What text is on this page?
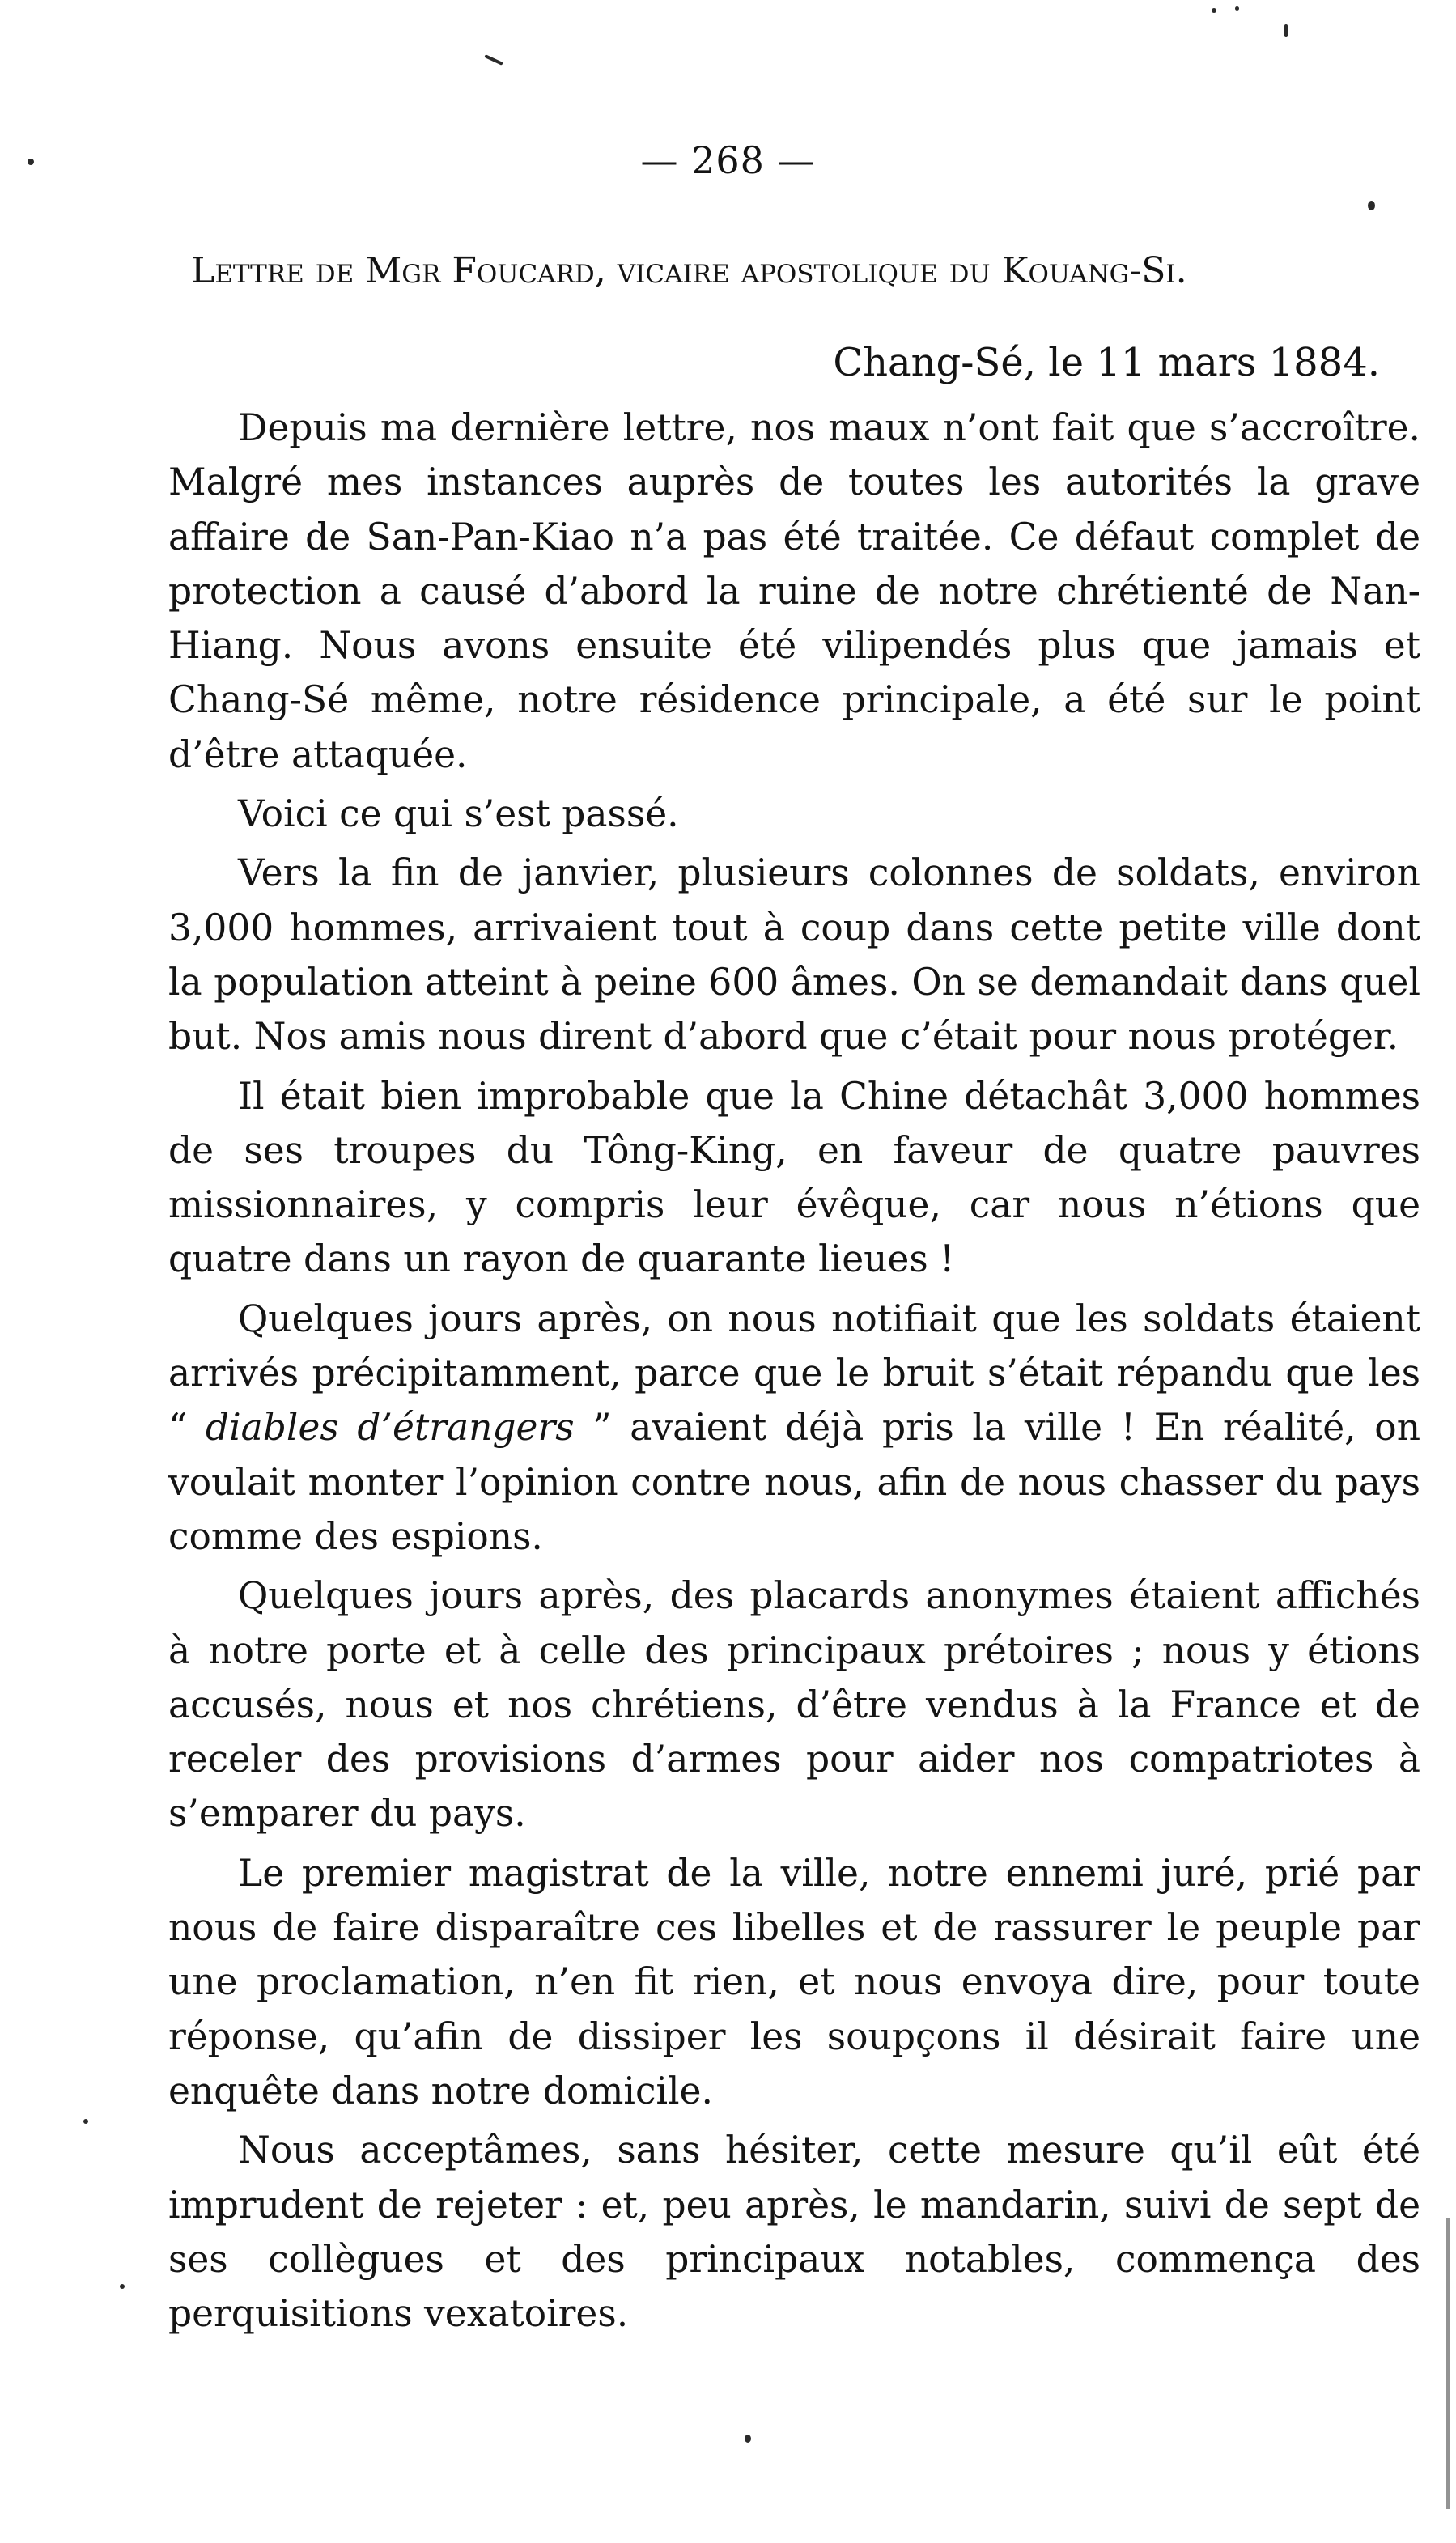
— 268 —
Lettre de Mgr Foucard, vicaire apostolique du Kouang-Si.
Chang-Sé, le 11 mars 1884.

Depuis ma dernière lettre, nos maux n’ont fait que s’accroître. Malgré mes instances auprès de toutes les autorités la grave affaire de San-Pan-Kiao n’a pas été traitée. Ce défaut complet de protection a causé d’abord la ruine de notre chrétienté de Nan-Hiang. Nous avons ensuite été vilipendés plus que jamais et Chang-Sé même, notre résidence principale, a été sur le point d’être attaquée.

Voici ce qui s’est passé.

Vers la fin de janvier, plusieurs colonnes de soldats, environ 3,000 hommes, arrivaient tout à coup dans cette petite ville dont la population atteint à peine 600 âmes. On se demandait dans quel but. Nos amis nous dirent d’abord que c’était pour nous protéger.

Il était bien improbable que la Chine détachât 3,000 hommes de ses troupes du Tông-King, en faveur de quatre pauvres missionnaires, y compris leur évêque, car nous n’étions que quatre dans un rayon de quarante lieues !

Quelques jours après, on nous notifiait que les soldats étaient arrivés précipitamment, parce que le bruit s’était répandu que les “ diables d’étrangers ” avaient déjà pris la ville ! En réalité, on voulait monter l’opinion contre nous, afin de nous chasser du pays comme des espions.

Quelques jours après, des placards anonymes étaient affichés à notre porte et à celle des principaux prétoires ; nous y étions accusés, nous et nos chrétiens, d’être vendus à la France et de receler des provisions d’armes pour aider nos compatriotes à s’emparer du pays.

Le premier magistrat de la ville, notre ennemi juré, prié par nous de faire disparaître ces libelles et de rassurer le peuple par une proclamation, n’en fit rien, et nous envoya dire, pour toute réponse, qu’afin de dissiper les soupçons il désirait faire une enquête dans notre domicile.

Nous acceptâmes, sans hésiter, cette mesure qu’il eût été imprudent de rejeter : et, peu après, le mandarin, suivi de sept de ses collègues et des principaux notables, commença des perquisitions vexatoires.
